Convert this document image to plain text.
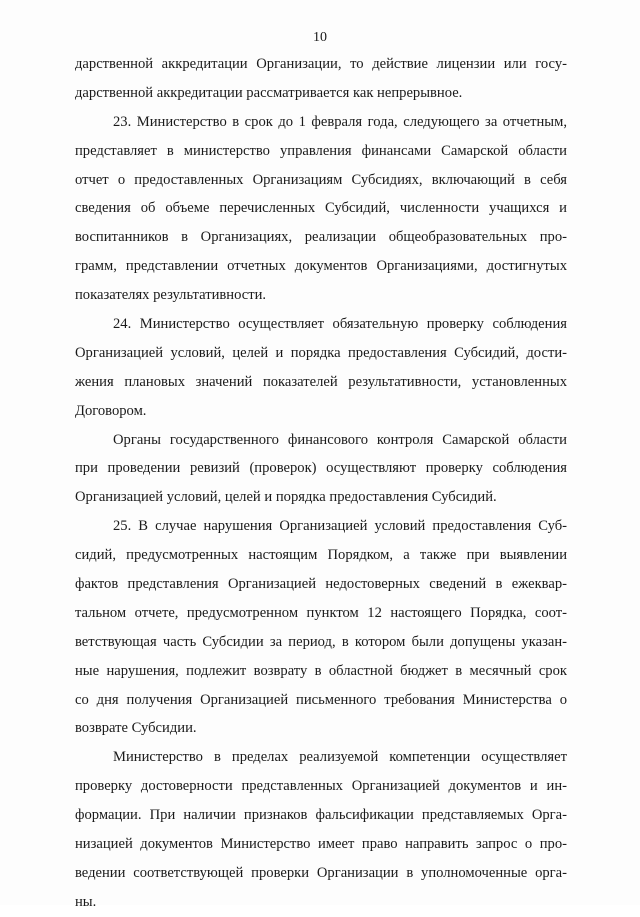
10
дарственной аккредитации Организации, то действие лицензии или госу-
дарственной аккредитации рассматривается как непрерывное.
23. Министерство в срок до 1 февраля года, следующего за отчетным,
представляет в министерство управления финансами Самарской области
отчет о предоставленных Организациям Субсидиях, включающий в себя
сведения об объеме перечисленных Субсидий, численности учащихся и
воспитанников в Организациях, реализации общеобразовательных про-
грамм, представлении отчетных документов Организациями, достигнутых
показателях результативности.
24. Министерство осуществляет обязательную проверку соблюдения
Организацией условий, целей и порядка предоставления Субсидий, дости-
жения плановых значений показателей результативности, установленных
Договором.
Органы государственного финансового контроля Самарской области
при проведении ревизий (проверок) осуществляют проверку соблюдения
Организацией условий, целей и порядка предоставления Субсидий.
25. В случае нарушения Организацией условий предоставления Суб-
сидий, предусмотренных настоящим Порядком, а также при выявлении
фактов представления Организацией недостоверных сведений в ежеквар-
тальном отчете, предусмотренном пунктом 12 настоящего Порядка, соот-
ветствующая часть Субсидии за период, в котором были допущены указан-
ные нарушения, подлежит возврату в областной бюджет в месячный срок
со дня получения Организацией письменного требования Министерства о
возврате Субсидии.
Министерство в пределах реализуемой компетенции осуществляет
проверку достоверности представленных Организацией документов и ин-
формации. При наличии признаков фальсификации представляемых Орга-
низацией документов Министерство имеет право направить запрос о про-
ведении соответствующей проверки Организации в уполномоченные орга-
ны.
